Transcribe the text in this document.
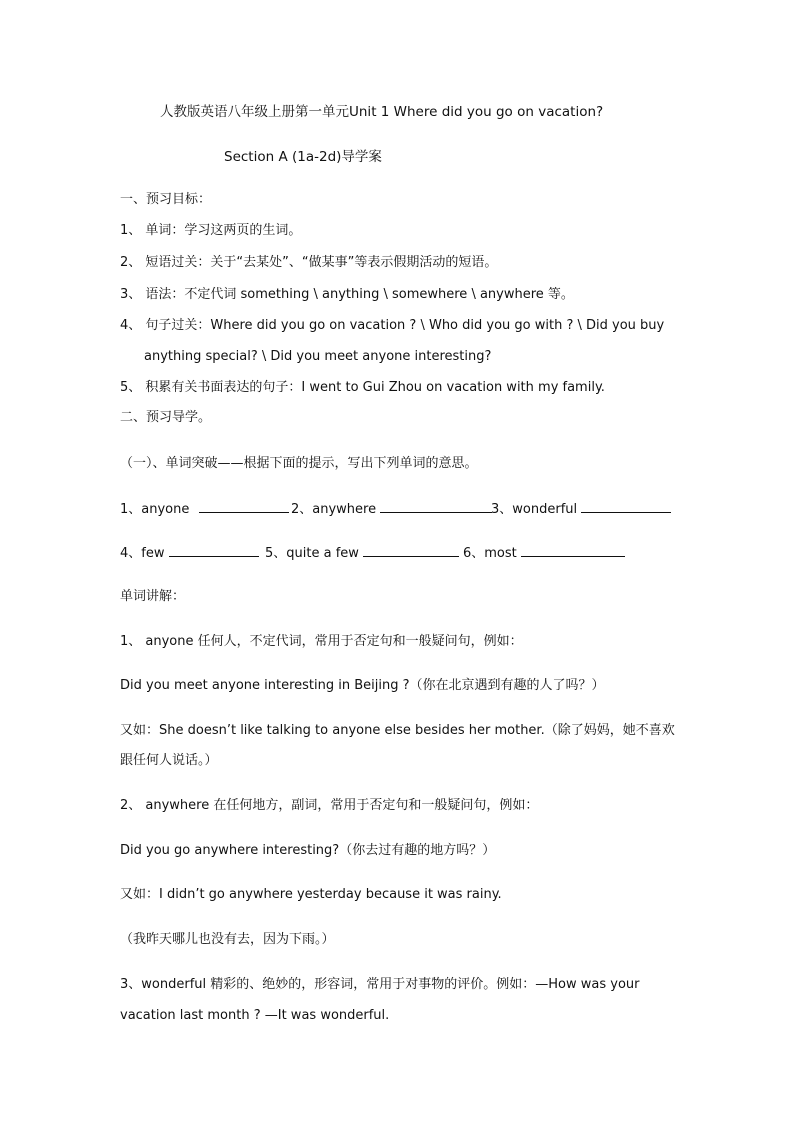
人教版英语八年级上册第一单元Unit 1 Where did you go on vacation?
Section A (1a-2d)导学案
一、预习目标：
1、 单词：学习这两页的生词。
2、 短语过关：关于“去某处”、“做某事”等表示假期活动的短语。
3、 语法：不定代词 something \ anything \ somewhere \ anywhere 等。
4、 句子过关：Where did you go on vacation ? \ Who did you go with ? \ Did you buy
anything special? \ Did you meet anyone interesting?
5、 积累有关书面表达的句子：I went to Gui Zhou on vacation with my family.
二、预习导学。
（一）、单词突破——根据下面的提示，写出下列单词的意思。
1、anyone	2、anywhere	3、wonderful
4、few	5、quite a few	6、most
单词讲解：
1、 anyone 任何人，不定代词，常用于否定句和一般疑问句，例如：
Did you meet anyone interesting in Beijing ?（你在北京遇到有趣的人了吗？）
又如：She doesn’t like talking to anyone else besides her mother.（除了妈妈，她不喜欢
跟任何人说话。）
2、 anywhere 在任何地方，副词，常用于否定句和一般疑问句，例如：
Did you go anywhere interesting?（你去过有趣的地方吗？）
又如：I didn’t go anywhere yesterday because it was rainy.
（我昨天哪儿也没有去，因为下雨。）
3、wonderful 精彩的、绝妙的，形容词，常用于对事物的评价。例如：—How was your
vacation last month ? —It was wonderful.
